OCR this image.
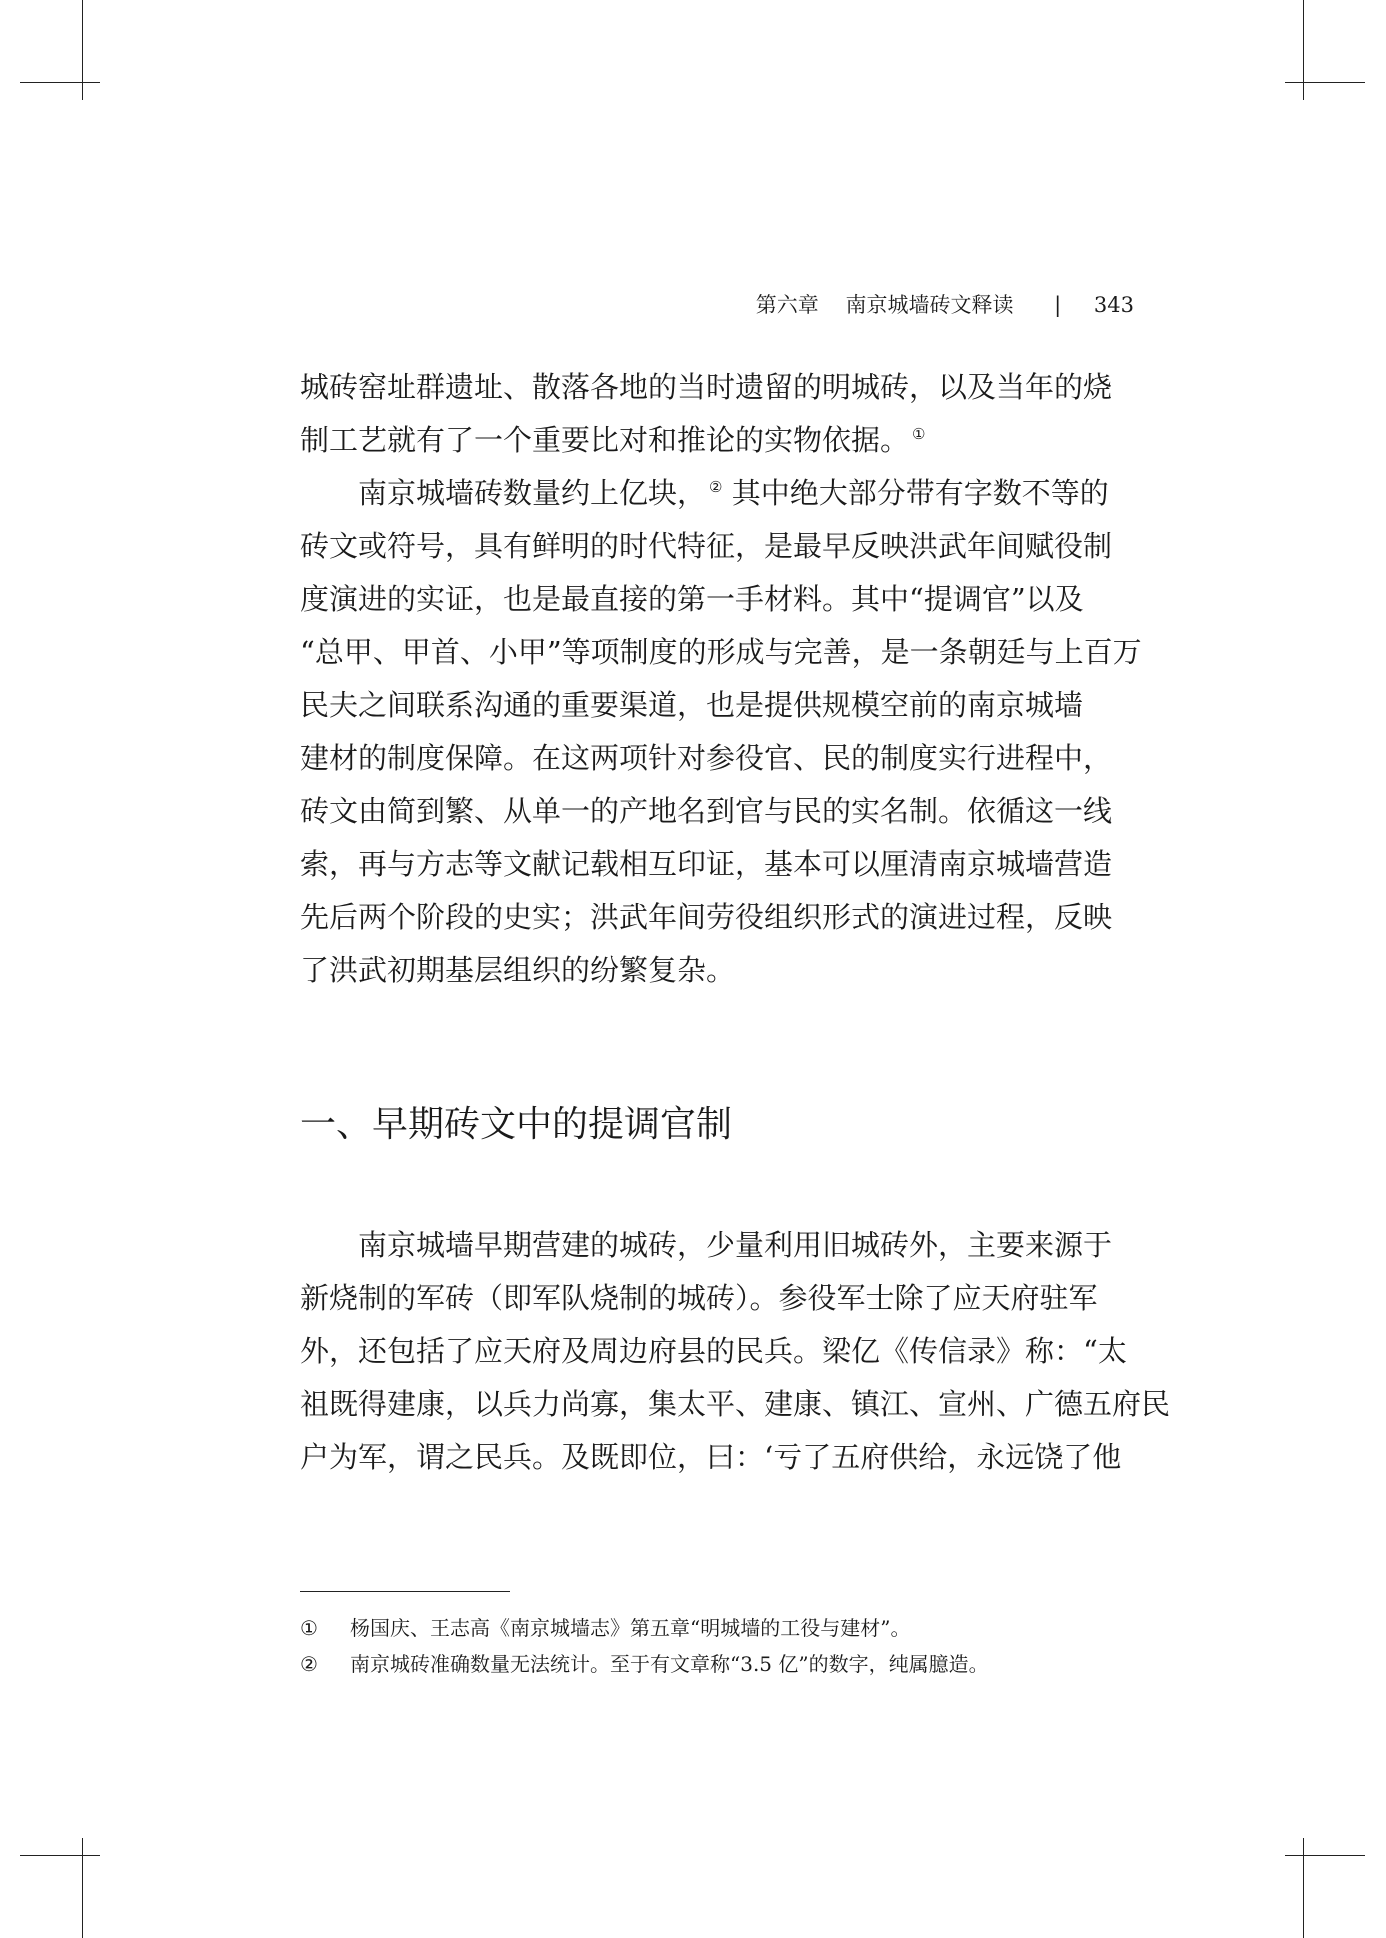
第六章 南京城墙砖文释读 | 343

城砖窑址群遗址、散落各地的当时遗留的明城砖，以及当年的烧
制工艺就有了一个重要比对和推论的实物依据。 ①

南京城墙砖数量约上亿块， ② 其中绝大部分带有字数不等的

砖文或符号，具有鲜明的时代特征，是最早反映洪武年间赋役制
度演进的实证，也是最直接的第一手材料。其中“提调官”以及
“总甲、甲首、小甲”等项制度的形成与完善，是一条朝廷与上百万
民夫之间联系沟通的重要渠道，也是提供规模空前的南京城墙
建材的制度保障。在这两项针对参役官、民的制度实行进程中，
砖文由简到繁、从单一的产地名到官与民的实名制。依循这一线
索，再与方志等文献记载相互印证，基本可以厘清南京城墙营造
先后两个阶段的史实；洪武年间劳役组织形式的演进过程，反映
了洪武初期基层组织的纷繁复杂。

一、早期砖文中的提调官制

南京城墙早期营建的城砖，少量利用旧城砖外，主要来源于

新烧制的军砖（即军队烧制的城砖）。参役军士除了应天府驻军
外，还包括了应天府及周边府县的民兵。梁亿《传信录》称：“太
祖既得建康，以兵力尚寡，集太平、建康、镇江、宣州、广德五府民
户为军，谓之民兵。及既即位，曰：‘亏了五府供给，永远饶了他

①	杨国庆、王志高《南京城墙志》第五章“明城墙的工役与建材”。
②	南京城砖准确数量无法统计。至于有文章称“3.5 亿”的数字，纯属臆造。
